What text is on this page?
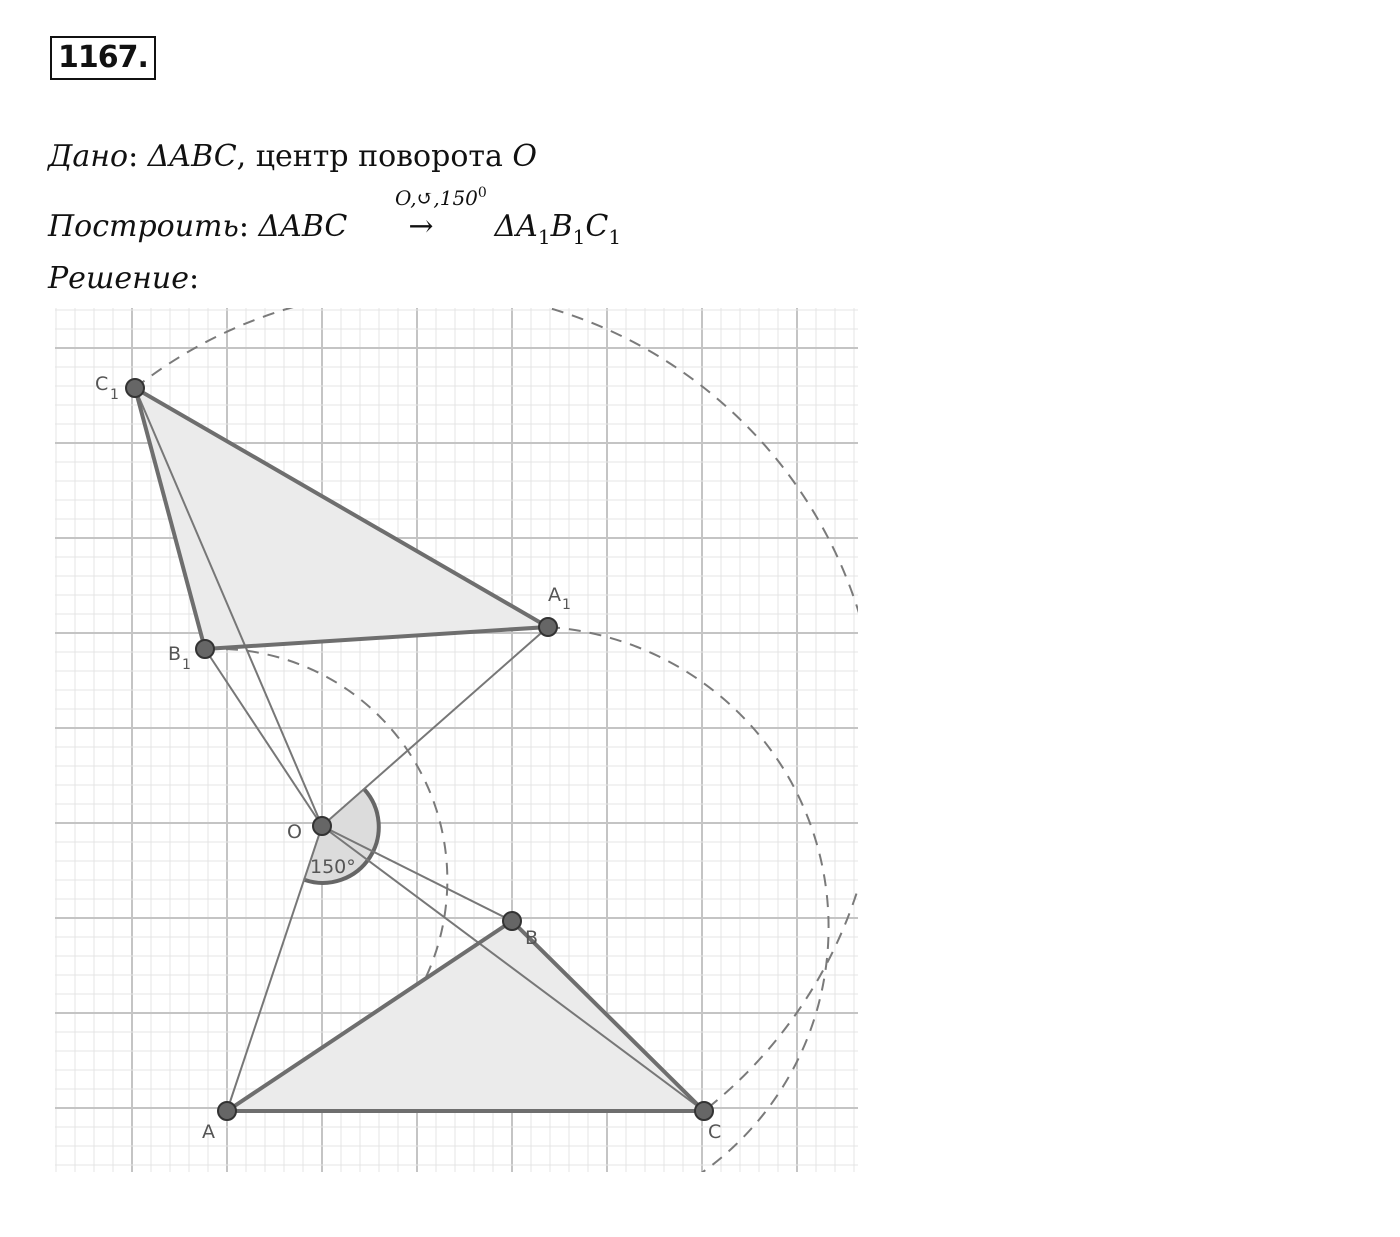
1167.
Дано: ΔABC, центр поворота O
Построить: ΔABC
$O,↺,150^0$
→ $\Delta A_1B_1C_1$
Решение:
A
B
C
O
A 1
B 1
C 1
150°
